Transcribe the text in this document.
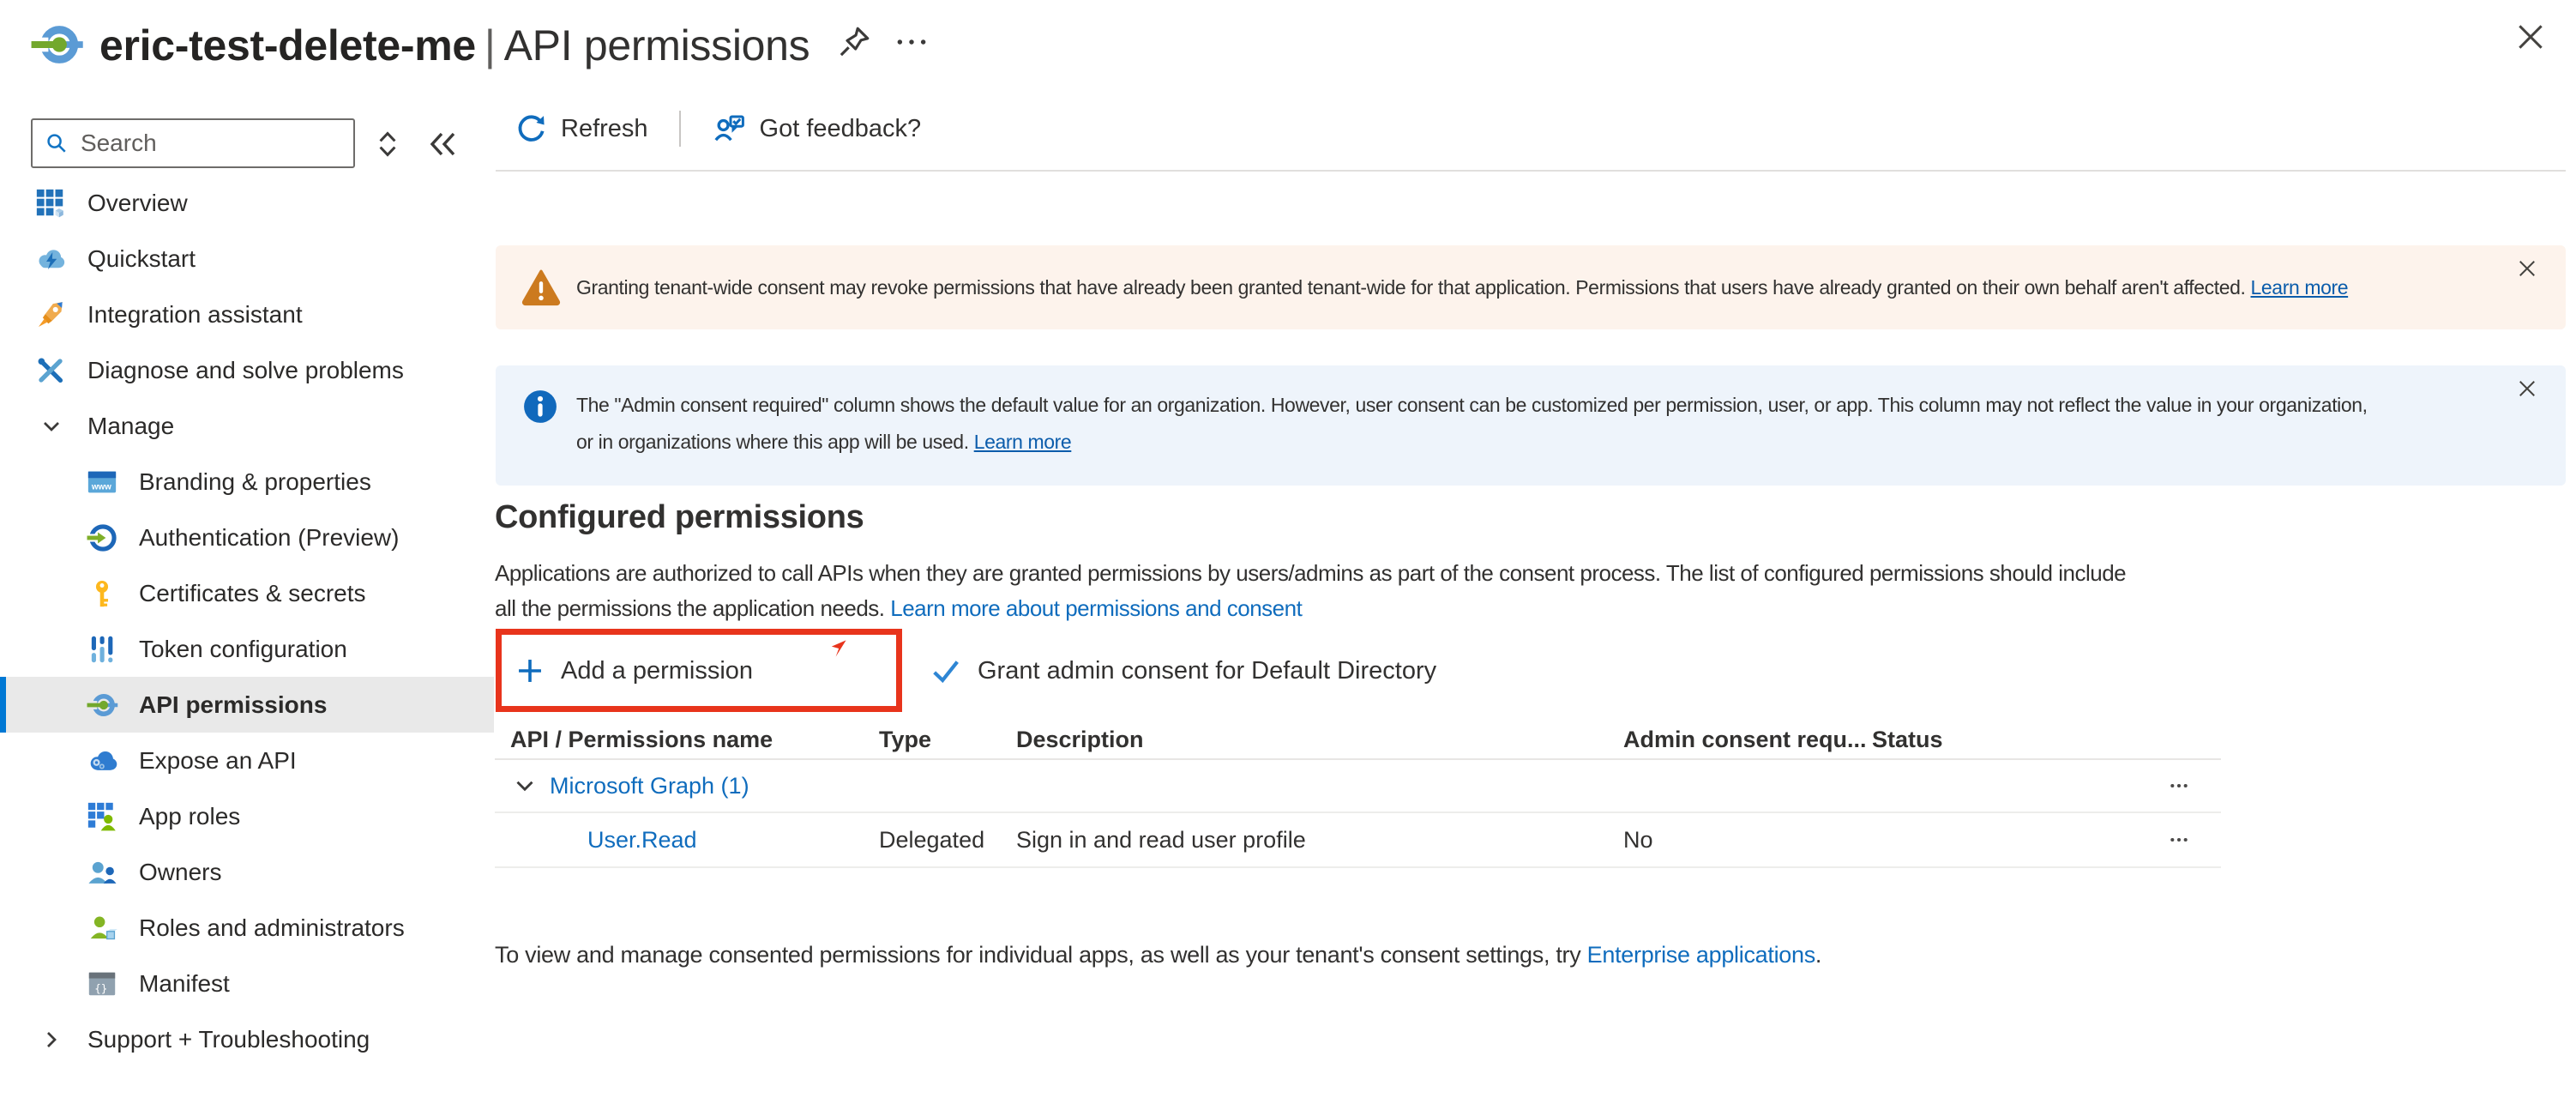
eric-test-delete-me | API permissions
Search
Overview
Quickstart
Integration assistant
Diagnose and solve problems
Manage
Branding & properties
Authentication (Preview)
Certificates & secrets
Token configuration
API permissions
Expose an API
App roles
Owners
Roles and administrators
Manifest
Support + Troubleshooting
Refresh	Got feedback?
Granting tenant-wide consent may revoke permissions that have already been granted tenant-wide for that application. Permissions that users have already granted on their own behalf aren't affected.
Learn more
The "Admin consent required" column shows the default value for an organization. However, user consent can be customized per permission, user, or app. This column may not reflect the value in your organization,
or in organizations where this app will be used. Learn more
Configured permissions
Applications are authorized to call APIs when they are granted permissions by users/admins as part of the consent process. The list of configured permissions should include
all the permissions the application needs. Learn more about permissions and consent
Add a permission	Grant admin consent for Default Directory
API / Permissions name	Type	Description	Admin consent requ... Status
Microsoft Graph (1)
User.Read	Delegated	Sign in and read user profile	No
To view and manage consented permissions for individual apps, as well as your tenant's consent settings, try Enterprise applications.
